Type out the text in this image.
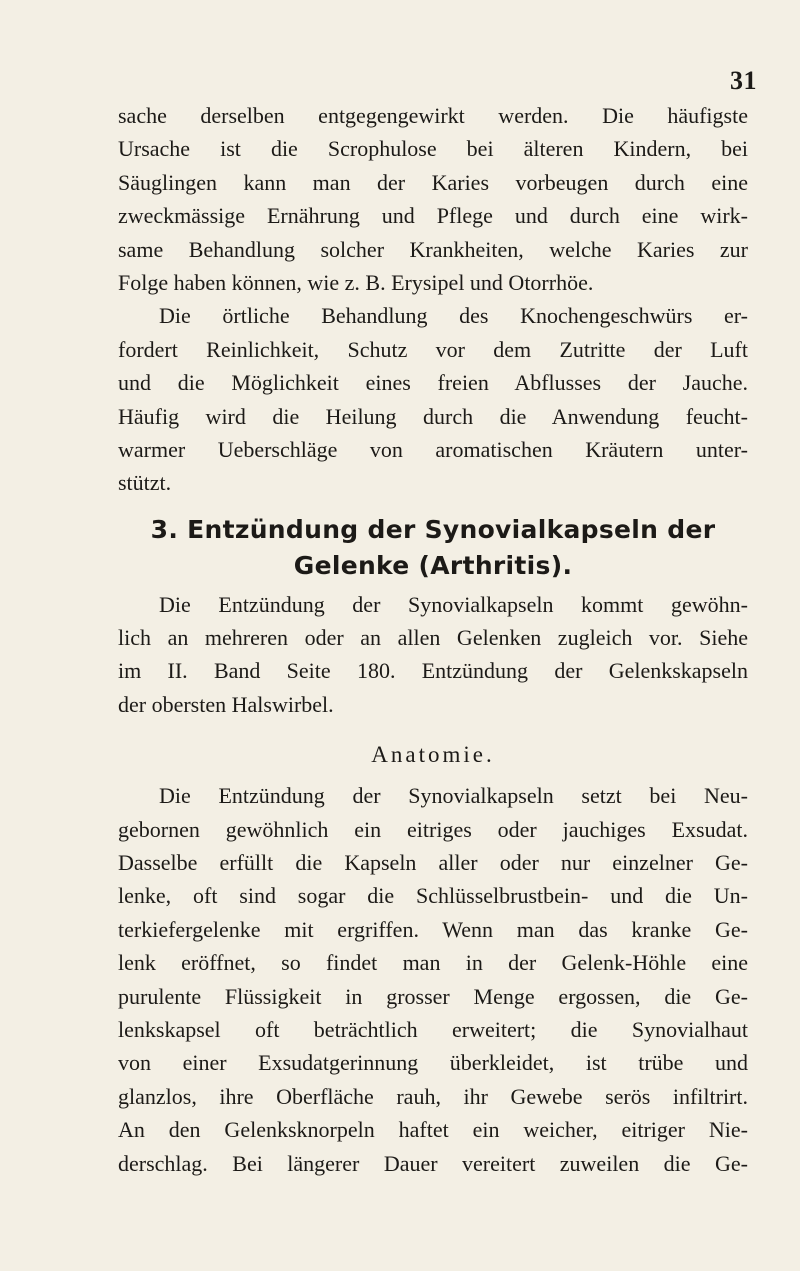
31
sache derselben entgegengewirkt werden. Die häufigste
Ursache ist die Scrophulose bei älteren Kindern, bei
Säuglingen kann man der Karies vorbeugen durch eine
zweckmässige Ernährung und Pflege und durch eine wirk-
same Behandlung solcher Krankheiten, welche Karies zur
Folge haben können, wie z. B. Erysipel und Otorrhöe.
Die örtliche Behandlung des Knochengeschwürs er-
fordert Reinlichkeit, Schutz vor dem Zutritte der Luft
und die Möglichkeit eines freien Abflusses der Jauche.
Häufig wird die Heilung durch die Anwendung feucht-
warmer Ueberschläge von aromatischen Kräutern unter-
stützt.
3. Entzündung der Synovialkapseln der
Gelenke (Arthritis).
Die Entzündung der Synovialkapseln kommt gewöhn-
lich an mehreren oder an allen Gelenken zugleich vor. Siehe
im II. Band Seite 180. Entzündung der Gelenkskapseln
der obersten Halswirbel.
Anatomie.
Die Entzündung der Synovialkapseln setzt bei Neu-
gebornen gewöhnlich ein eitriges oder jauchiges Exsudat.
Dasselbe erfüllt die Kapseln aller oder nur einzelner Ge-
lenke, oft sind sogar die Schlüsselbrustbein- und die Un-
terkiefergelenke mit ergriffen. Wenn man das kranke Ge-
lenk eröffnet, so findet man in der Gelenk-Höhle eine
purulente Flüssigkeit in grosser Menge ergossen, die Ge-
lenkskapsel oft beträchtlich erweitert; die Synovialhaut
von einer Exsudatgerinnung überkleidet, ist trübe und
glanzlos, ihre Oberfläche rauh, ihr Gewebe serös infiltrirt.
An den Gelenksknorpeln haftet ein weicher, eitriger Nie-
derschlag. Bei längerer Dauer vereitert zuweilen die Ge-
